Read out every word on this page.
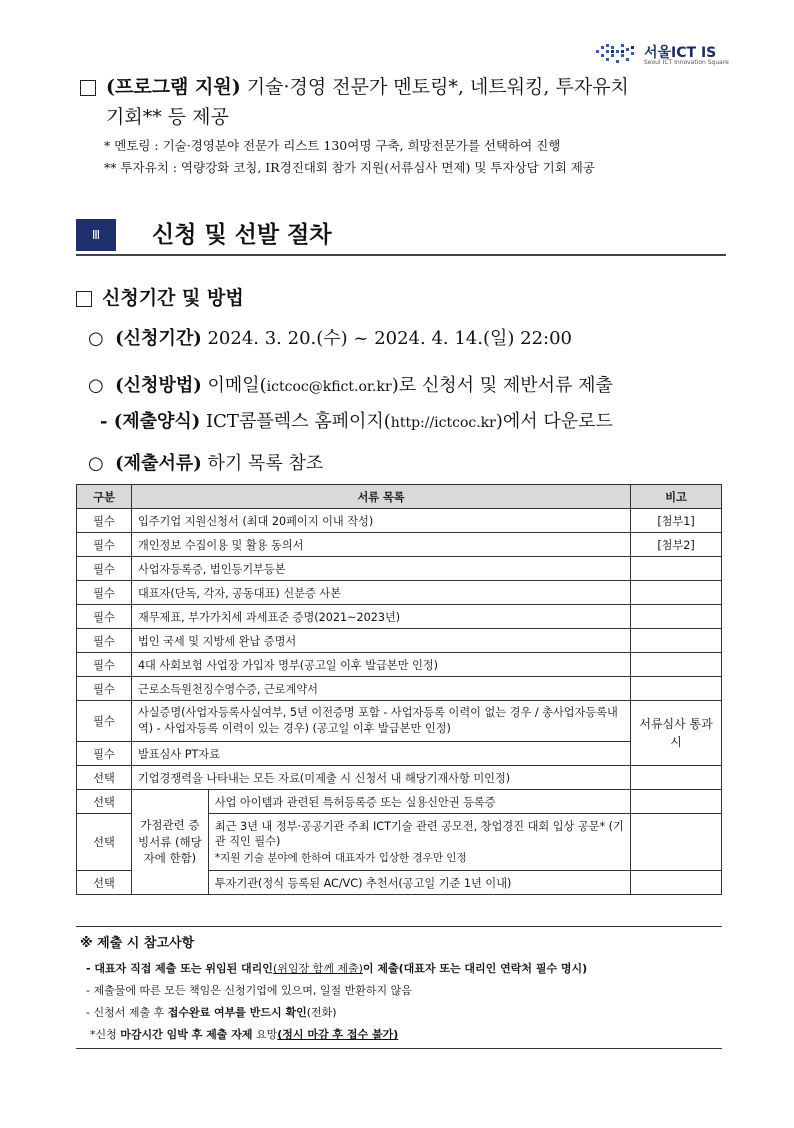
서울ICT IS
Seoul ICT Innovation Square
(프로그램 지원) 기술·경영 전문가 멘토링*, 네트워킹, 투자유치
기회** 등 제공
* 멘토링 : 기술·경영분야 전문가 리스트 130여명 구축, 희망전문가를 선택하여 진행
** 투자유치 : 역량강화 코칭, IR경진대회 참가 지원(서류심사 면제) 및 투자상담 기회 제공
Ⅲ	신청 및 선발 절차
신청기간 및 방법
○  (신청기간) 2024. 3. 20.(수) ~ 2024. 4. 14.(일) 22:00
○  (신청방법) 이메일(ictcoc@kfict.or.kr)로 신청서 및 제반서류 제출
- (제출양식) ICT콤플렉스 홈페이지(http://ictcoc.kr)에서 다운로드
○  (제출서류) 하기 목록 참조
구분	서류 목록		비고
필수	입주기업 지원신청서 (최대 20페이지 이내 작성)		[첨부1]
필수	개인정보 수집이용 및 활용 동의서		[첨부2]
필수	사업자등록증, 법인등기부등본		
필수	대표자(단독, 각자, 공동대표) 신분증 사본		
필수	재무제표, 부가가치세 과세표준 증명(2021~2023년)		
필수	법인 국세 및 지방세 완납 증명서		
필수	4대 사회보험 사업장 가입자 명부(공고일 이후 발급본만 인정)		
필수	근로소득원천징수영수증, 근로계약서		
필수	사실증명(사업자등록사실여부, 5년 이전증명 포함 - 사업자등록 이력이 없는 경우 / 총사업자등록내역) - 사업자등록 이력이 있는 경우) (공고일 이후 발급본만 인정)		서류심사 통과 시
필수	발표심사 PT자료		
선택	기업경쟁력을 나타내는 모든 자료(미제출 시 신청서 내 해당기재사항 미인정)		
선택	가점관련 증빙서류 (해당자에 한함)	사업 아이템과 관련된 특허등록증 또는 실용신안권 등록증	
선택		최근 3년 내 정부·공공기관 주최 ICT기술 관련 공모전, 창업경진 대회 입상 공문* (기관 직인 필수)
*지원 기술 분야에 한하여 대표자가 입상한 경우만 인정	
선택		투자기관(정식 등록된 AC/VC) 추천서(공고일 기준 1년 이내)	
※ 제출 시 참고사항
- 대표자 직접 제출 또는 위임된 대리인(위임장 함께 제출)이 제출(대표자 또는 대리인 연락처 필수 명시)
- 제출물에 따른 모든 책임은 신청기업에 있으며, 일절 반환하지 않음
- 신청서 제출 후 접수완료 여부를 반드시 확인(전화)
*신청 마감시간 임박 후 제출 자제 요망(정시 마감 후 접수 불가)
